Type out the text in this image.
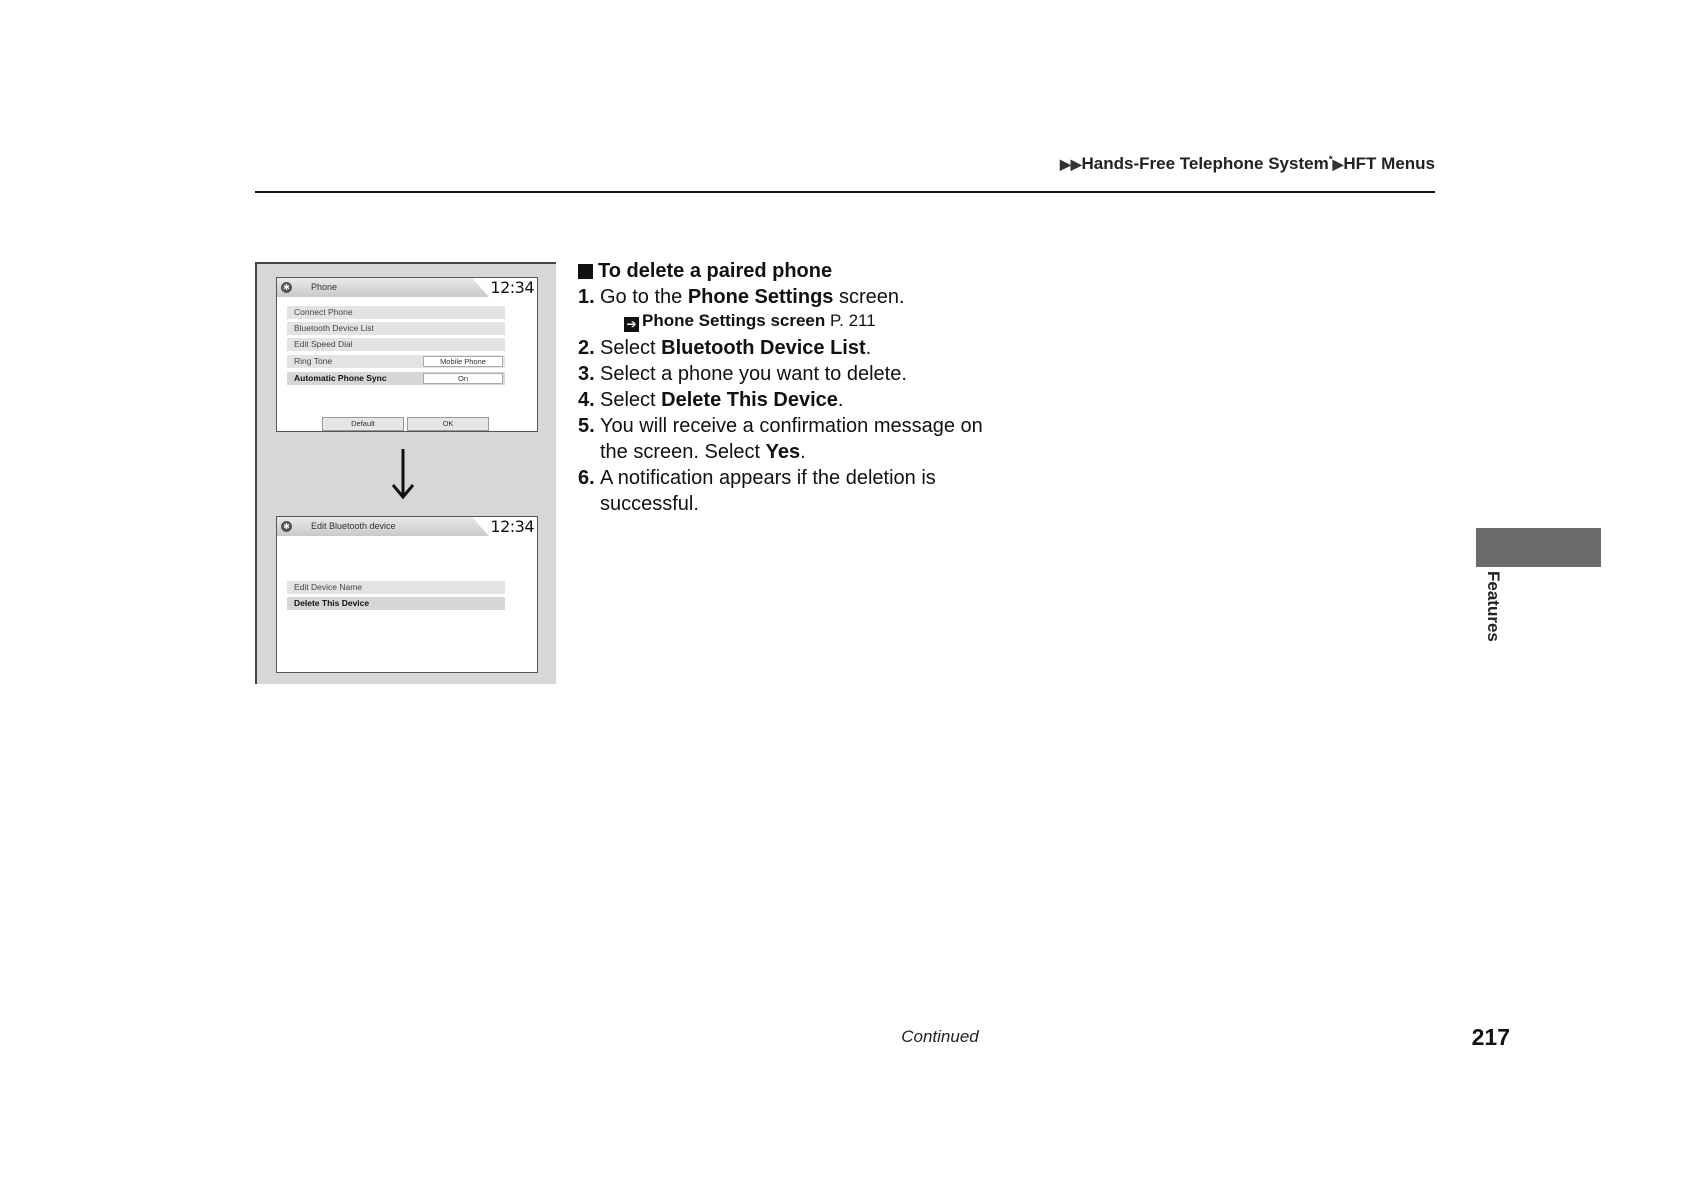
▶▶Hands-Free Telephone System*▶HFT Menus
✱ Phone	12:34
Connect Phone
Bluetooth Device List
Edit Speed Dial
Ring Tone	Mobile Phone
Automatic Phone Sync	On
Default	OK
✱ Edit Bluetooth device	12:34
Edit Device Name
Delete This Device
To delete a paired phone
1. Go to the Phone Settings screen.
➔ Phone Settings screen P. 211
2. Select Bluetooth Device List.
3. Select a phone you want to delete.
4. Select Delete This Device.
5. You will receive a confirmation message on the screen. Select Yes.
6. A notification appears if the deletion is successful.
Features
Continued	217
